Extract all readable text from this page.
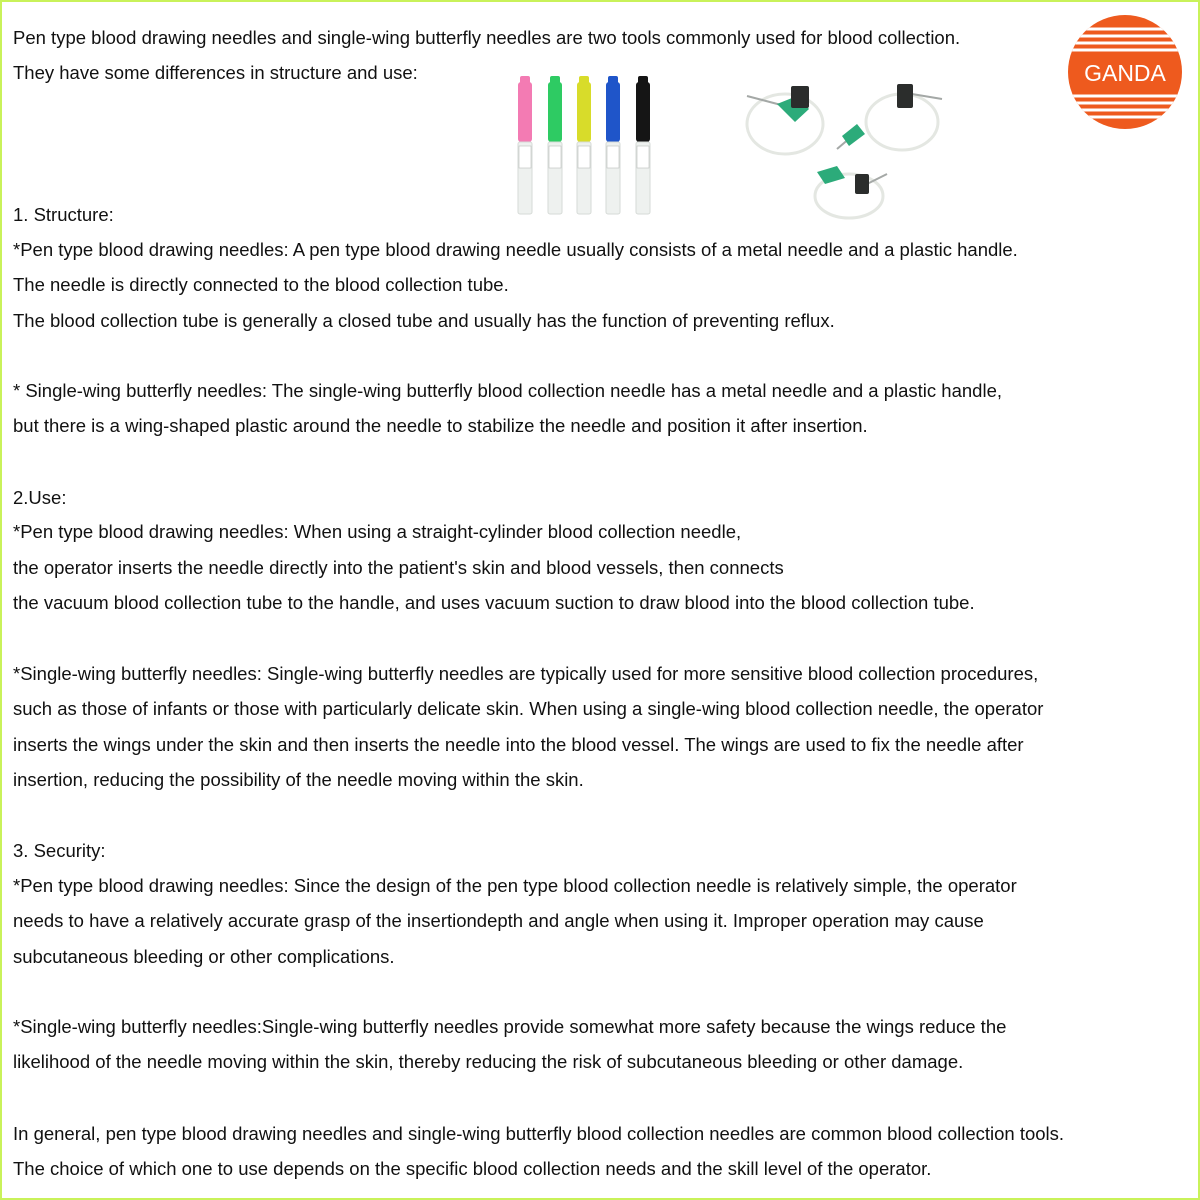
Pen type blood drawing needles and single-wing butterfly needles are two tools commonly used for blood collection.

They have some differences in structure and use:	GANDA

1. Structure:

*Pen type blood drawing needles: A pen type blood drawing needle usually consists of a metal needle and a plastic handle.

The needle is directly connected to the blood collection tube.

The blood collection tube is generally a closed tube and usually has the function of preventing reflux.

* Single-wing butterfly needles: The single-wing butterfly blood collection needle has a metal needle and a plastic handle,

but there is a wing-shaped plastic around the needle to stabilize the needle and position it after insertion.

2.Use:

*Pen type blood drawing needles: When using a straight-cylinder blood collection needle,

the operator inserts the needle directly into the patient's skin and blood vessels, then connects

the vacuum blood collection tube to the handle, and uses vacuum suction to draw blood into the blood collection tube.

*Single-wing butterfly needles: Single-wing butterfly needles are typically used for more sensitive blood collection procedures,

such as those of infants or those with particularly delicate skin. When using a single-wing blood collection needle, the operator

inserts the wings under the skin and then inserts the needle into the blood vessel. The wings are used to fix the needle after

insertion, reducing the possibility of the needle moving within the skin.

3. Security:

*Pen type blood drawing needles: Since the design of the pen type blood collection needle is relatively simple, the operator

needs to have a relatively accurate grasp of the insertiondepth and angle when using it. Improper operation may cause

subcutaneous bleeding or other complications.

*Single-wing butterfly needles:Single-wing butterfly needles provide somewhat more safety because the wings reduce the

likelihood of the needle moving within the skin, thereby reducing the risk of subcutaneous bleeding or other damage.

In general, pen type blood drawing needles and single-wing butterfly blood collection needles are common blood collection tools.

The choice of which one to use depends on the specific blood collection needs and the skill level of the operator.
